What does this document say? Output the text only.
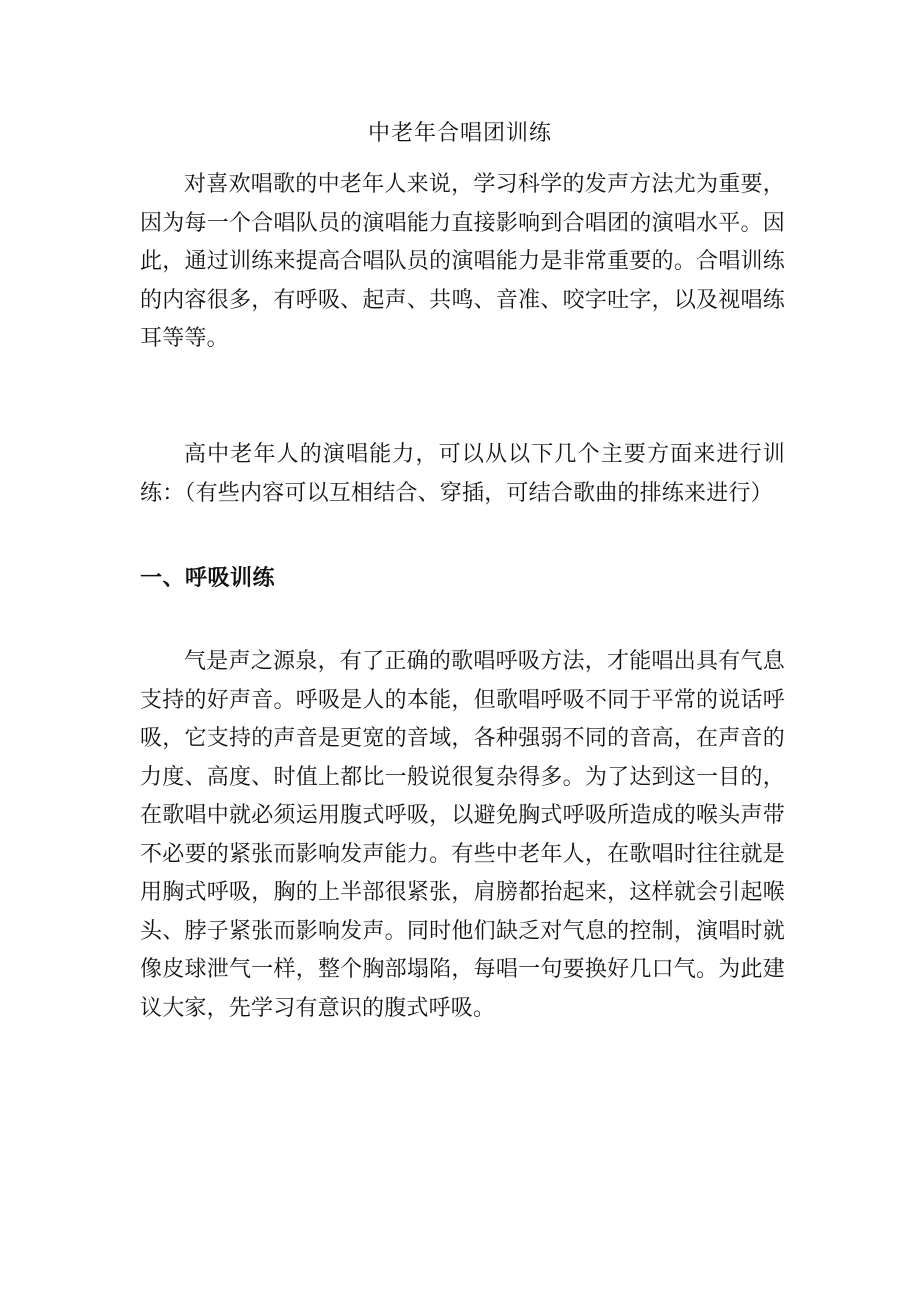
中老年合唱团训练

对喜欢唱歌的中老年人来说，学习科学的发声方法尤为重要，因为每一个合唱队员的演唱能力直接影响到合唱团的演唱水平。因此，通过训练来提高合唱队员的演唱能力是非常重要的。合唱训练的内容很多，有呼吸、起声、共鸣、音准、咬字吐字，以及视唱练耳等等。

高中老年人的演唱能力，可以从以下几个主要方面来进行训练：（有些内容可以互相结合、穿插，可结合歌曲的排练来进行）

一、呼吸训练

气是声之源泉，有了正确的歌唱呼吸方法，才能唱出具有气息支持的好声音。呼吸是人的本能，但歌唱呼吸不同于平常的说话呼吸，它支持的声音是更宽的音域，各种强弱不同的音高，在声音的力度、高度、时值上都比一般说很复杂得多。为了达到这一目的，在歌唱中就必须运用腹式呼吸，以避免胸式呼吸所造成的喉头声带不必要的紧张而影响发声能力。有些中老年人，在歌唱时往往就是用胸式呼吸，胸的上半部很紧张，肩膀都抬起来，这样就会引起喉头、脖子紧张而影响发声。同时他们缺乏对气息的控制，演唱时就像皮球泄气一样，整个胸部塌陷，每唱一句要换好几口气。为此建议大家，先学习有意识的腹式呼吸。
